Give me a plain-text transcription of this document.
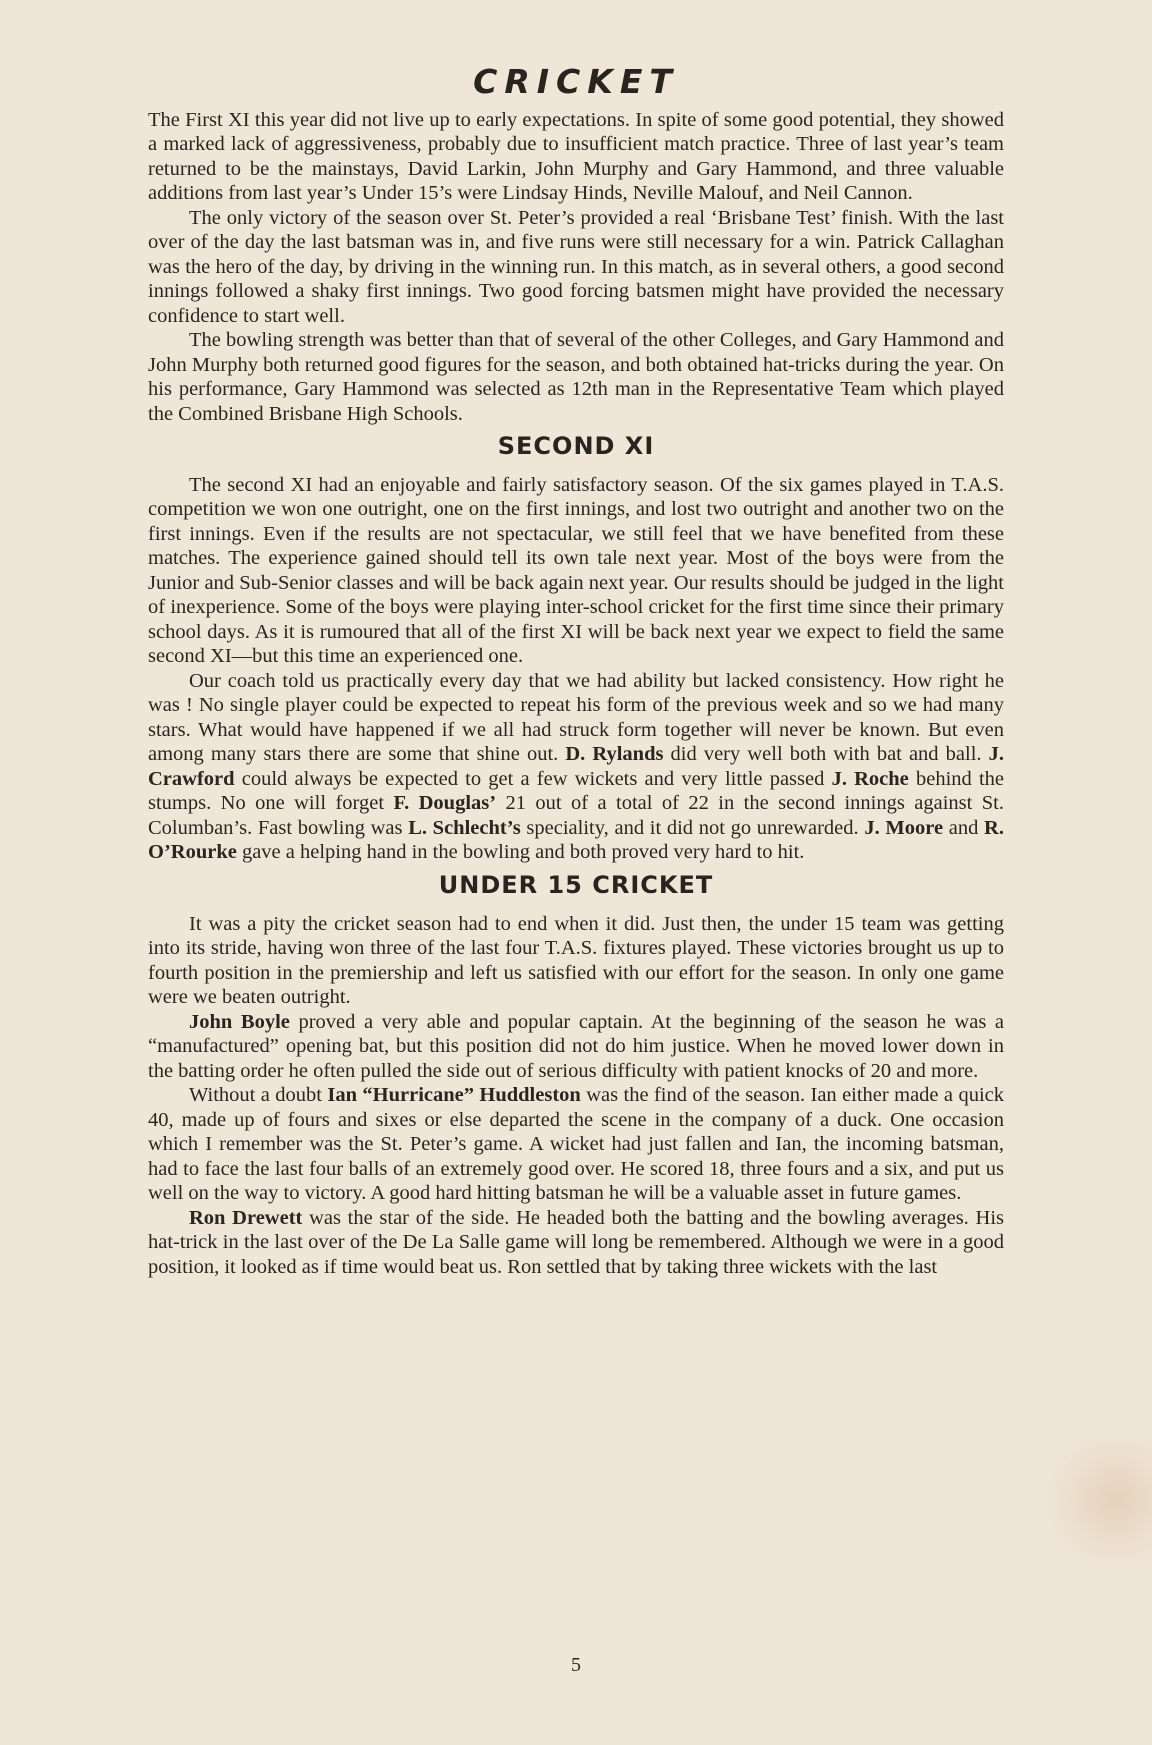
CRICKET

The First XI this year did not live up to early expectations. In spite of some good potential, they showed a marked lack of aggressiveness, probably due to insufficient match practice. Three of last year’s team returned to be the mainstays, David Larkin, John Murphy and Gary Hammond, and three valuable additions from last year’s Under 15’s were Lindsay Hinds, Neville Malouf, and Neil Cannon.

The only victory of the season over St. Peter’s provided a real ‘Brisbane Test’ finish. With the last over of the day the last batsman was in, and five runs were still necessary for a win. Patrick Callaghan was the hero of the day, by driving in the winning run. In this match, as in several others, a good second innings followed a shaky first innings. Two good forcing batsmen might have provided the necessary confidence to start well.

The bowling strength was better than that of several of the other Colleges, and Gary Hammond and John Murphy both returned good figures for the season, and both obtained hat-tricks during the year. On his performance, Gary Hammond was selected as 12th man in the Representative Team which played the Combined Brisbane High Schools.

SECOND XI

The second XI had an enjoyable and fairly satisfactory season. Of the six games played in T.A.S. competition we won one outright, one on the first innings, and lost two outright and another two on the first innings. Even if the results are not spectacular, we still feel that we have benefited from these matches. The experience gained should tell its own tale next year. Most of the boys were from the Junior and Sub-Senior classes and will be back again next year. Our results should be judged in the light of inexperience. Some of the boys were playing inter-school cricket for the first time since their primary school days. As it is rumoured that all of the first XI will be back next year we expect to field the same second XI—but this time an experienced one.

Our coach told us practically every day that we had ability but lacked consistency. How right he was ! No single player could be expected to repeat his form of the previous week and so we had many stars. What would have happened if we all had struck form together will never be known. But even among many stars there are some that shine out. D. Rylands did very well both with bat and ball. J. Crawford could always be expected to get a few wickets and very little passed J. Roche behind the stumps. No one will forget F. Douglas’ 21 out of a total of 22 in the second innings against St. Columban’s. Fast bowling was L. Schlecht’s speciality, and it did not go unrewarded. J. Moore and R. O’Rourke gave a helping hand in the bowling and both proved very hard to hit.

UNDER 15 CRICKET

It was a pity the cricket season had to end when it did. Just then, the under 15 team was getting into its stride, having won three of the last four T.A.S. fixtures played. These victories brought us up to fourth position in the premiership and left us satisfied with our effort for the season. In only one game were we beaten outright.

John Boyle proved a very able and popular captain. At the beginning of the season he was a “manufactured” opening bat, but this position did not do him justice. When he moved lower down in the batting order he often pulled the side out of serious difficulty with patient knocks of 20 and more.

Without a doubt Ian “Hurricane” Huddleston was the find of the season. Ian either made a quick 40, made up of fours and sixes or else departed the scene in the company of a duck. One occasion which I remember was the St. Peter’s game. A wicket had just fallen and Ian, the incoming batsman, had to face the last four balls of an extremely good over. He scored 18, three fours and a six, and put us well on the way to victory. A good hard hitting batsman he will be a valuable asset in future games.

Ron Drewett was the star of the side. He headed both the batting and the bowling averages. His hat-trick in the last over of the De La Salle game will long be remembered. Although we were in a good position, it looked as if time would beat us. Ron settled that by taking three wickets with the last

5
